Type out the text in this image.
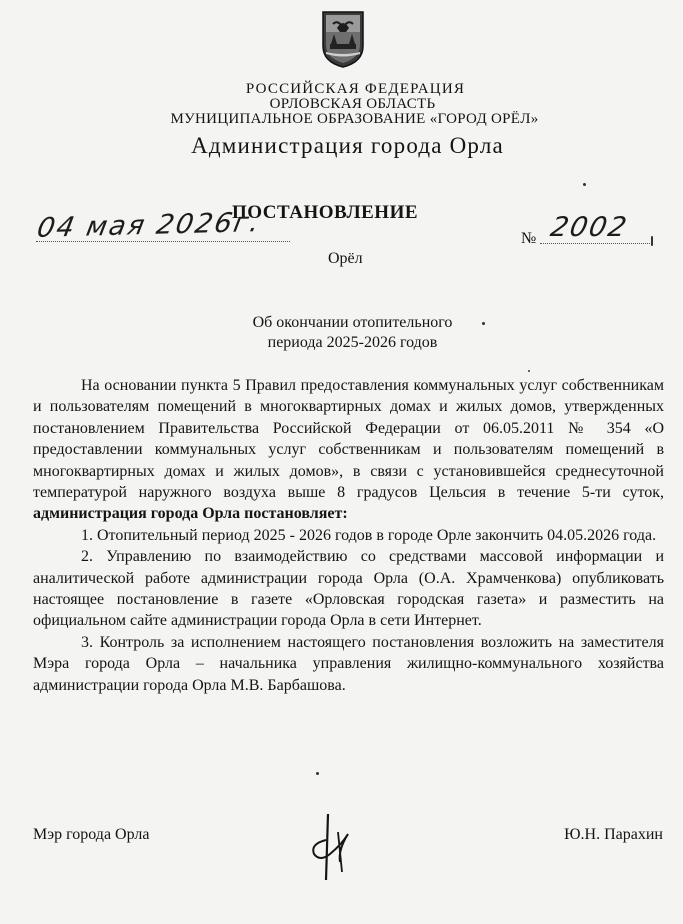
РОССИЙСКАЯ ФЕДЕРАЦИЯ
ОРЛОВСКАЯ ОБЛАСТЬ
МУНИЦИПАЛЬНОЕ ОБРАЗОВАНИЕ «ГОРОД ОРЁЛ»
Администрация города Орла
ПОСТАНОВЛЕНИЕ
04 мая 2026г.	№ 2002
Орёл
Об окончании отопительного
периода 2025-2026 годов

На основании пункта 5 Правил предоставления коммунальных услуг собственникам и пользователям помещений в многоквартирных домах и жилых домов, утвержденных постановлением Правительства Российской Федерации от 06.05.2011 № 354 «О предоставлении коммунальных услуг собственникам и пользователям помещений в многоквартирных домах и жилых домов», в связи с установившейся среднесуточной температурой наружного воздуха выше 8 градусов Цельсия в течение 5-ти суток, администрация города Орла постановляет:

1. Отопительный период 2025 - 2026 годов в городе Орле закончить 04.05.2026 года.

2. Управлению по взаимодействию со средствами массовой информации и аналитической работе администрации города Орла (О.А. Храмченкова) опубликовать настоящее постановление в газете «Орловская городская газета» и разместить на официальном сайте администрации города Орла в сети Интернет.

3. Контроль за исполнением настоящего постановления возложить на заместителя Мэра города Орла – начальника управления жилищно-коммунального хозяйства администрации города Орла М.В. Барбашова.

Мэр города Орла	Ю.Н. Парахин
